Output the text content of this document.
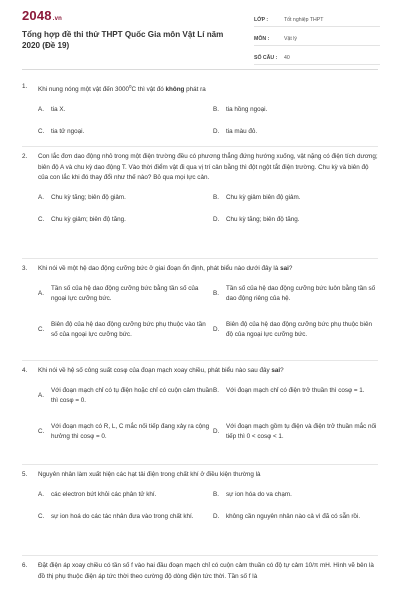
2048.vn
Tổng hợp đề thi thử THPT Quốc Gia môn Vật Lí năm 2020 (Đề 19)
LỚP :	Tốt nghiệp THPT
MÔN :	Vật lý
SỐ CÂU :	40
1.	Khi nung nóng một vật đến 3000$^0$C thì vật đó không phát ra
A.	tia X.	B.	tia hồng ngoại.
C.	tia tử ngoại.	D.	tia màu đỏ.
2.	Con lắc đơn dao động nhỏ trong một điện trường đều có phương thẳng đứng hướng xuống, vật nặng có điện tích dương; biên độ A và chu kỳ dao động T. Vào thời điểm vật đi qua vị trí cân bằng thì đột ngột tắt điện trường. Chu kỳ và biên độ của con lắc khi đó thay đổi như thế nào? Bỏ qua mọi lực cản.
A.	Chu kỳ tăng; biên độ giảm.	B.	Chu kỳ giảm biên độ giảm.
C.	Chu kỳ giảm; biên độ tăng.	D.	Chu kỳ tăng; biên độ tăng.
3.	Khi nói về một hệ dao động cưỡng bức ở giai đoạn ổn định, phát biểu nào dưới đây là sai?
A.
Tần số của hệ dao động cưỡng bức bằng tần số của ngoại lực cưỡng bức.
B.
Tần số của hệ dao động cưỡng bức luôn bằng tần số dao động riêng của hệ.
C.
Biên độ của hệ dao động cưỡng bức phụ thuộc vào tần số của ngoại lực cưỡng bức.
D.
Biên độ của hệ dao động cưỡng bức phụ thuộc biên độ của ngoại lực cưỡng bức.
4.	Khi nói về hệ số công suất cosφ của đoạn mạch xoay chiều, phát biểu nào sau đây sai?
A.
Với đoạn mạch chỉ có tụ điện hoặc chỉ có cuộn cảm thuần thì cosφ = 0.
B.	Với đoạn mạch chỉ có điện trở thuần thì cosφ = 1.
C.
Với đoạn mạch có R, L, C mắc nối tiếp đang xảy ra cộng hưởng thì cosφ = 0.
D.
Với đoạn mạch gồm tụ điện và điện trở thuần mắc nối tiếp thì 0 < cosφ < 1.
5.	Nguyên nhân làm xuất hiện các hạt tải điện trong chất khí ở điều kiện thường là
A.	các electron bứt khỏi các phân tử khí.	B.	sự ion hóa do va chạm.
C.	sự ion hoá do các tác nhân đưa vào trong chất khí.	D.	không cần nguyên nhân nào cả vì đã có sẵn rồi.
6.	Đặt điện áp xoay chiều có tần số f vào hai đầu đoạn mạch chỉ có cuộn cảm thuần có độ tự cảm 10/π mH. Hình vẽ bên là đồ thị phụ thuộc điện áp tức thời theo cường độ dòng điện tức thời. Tần số f là
